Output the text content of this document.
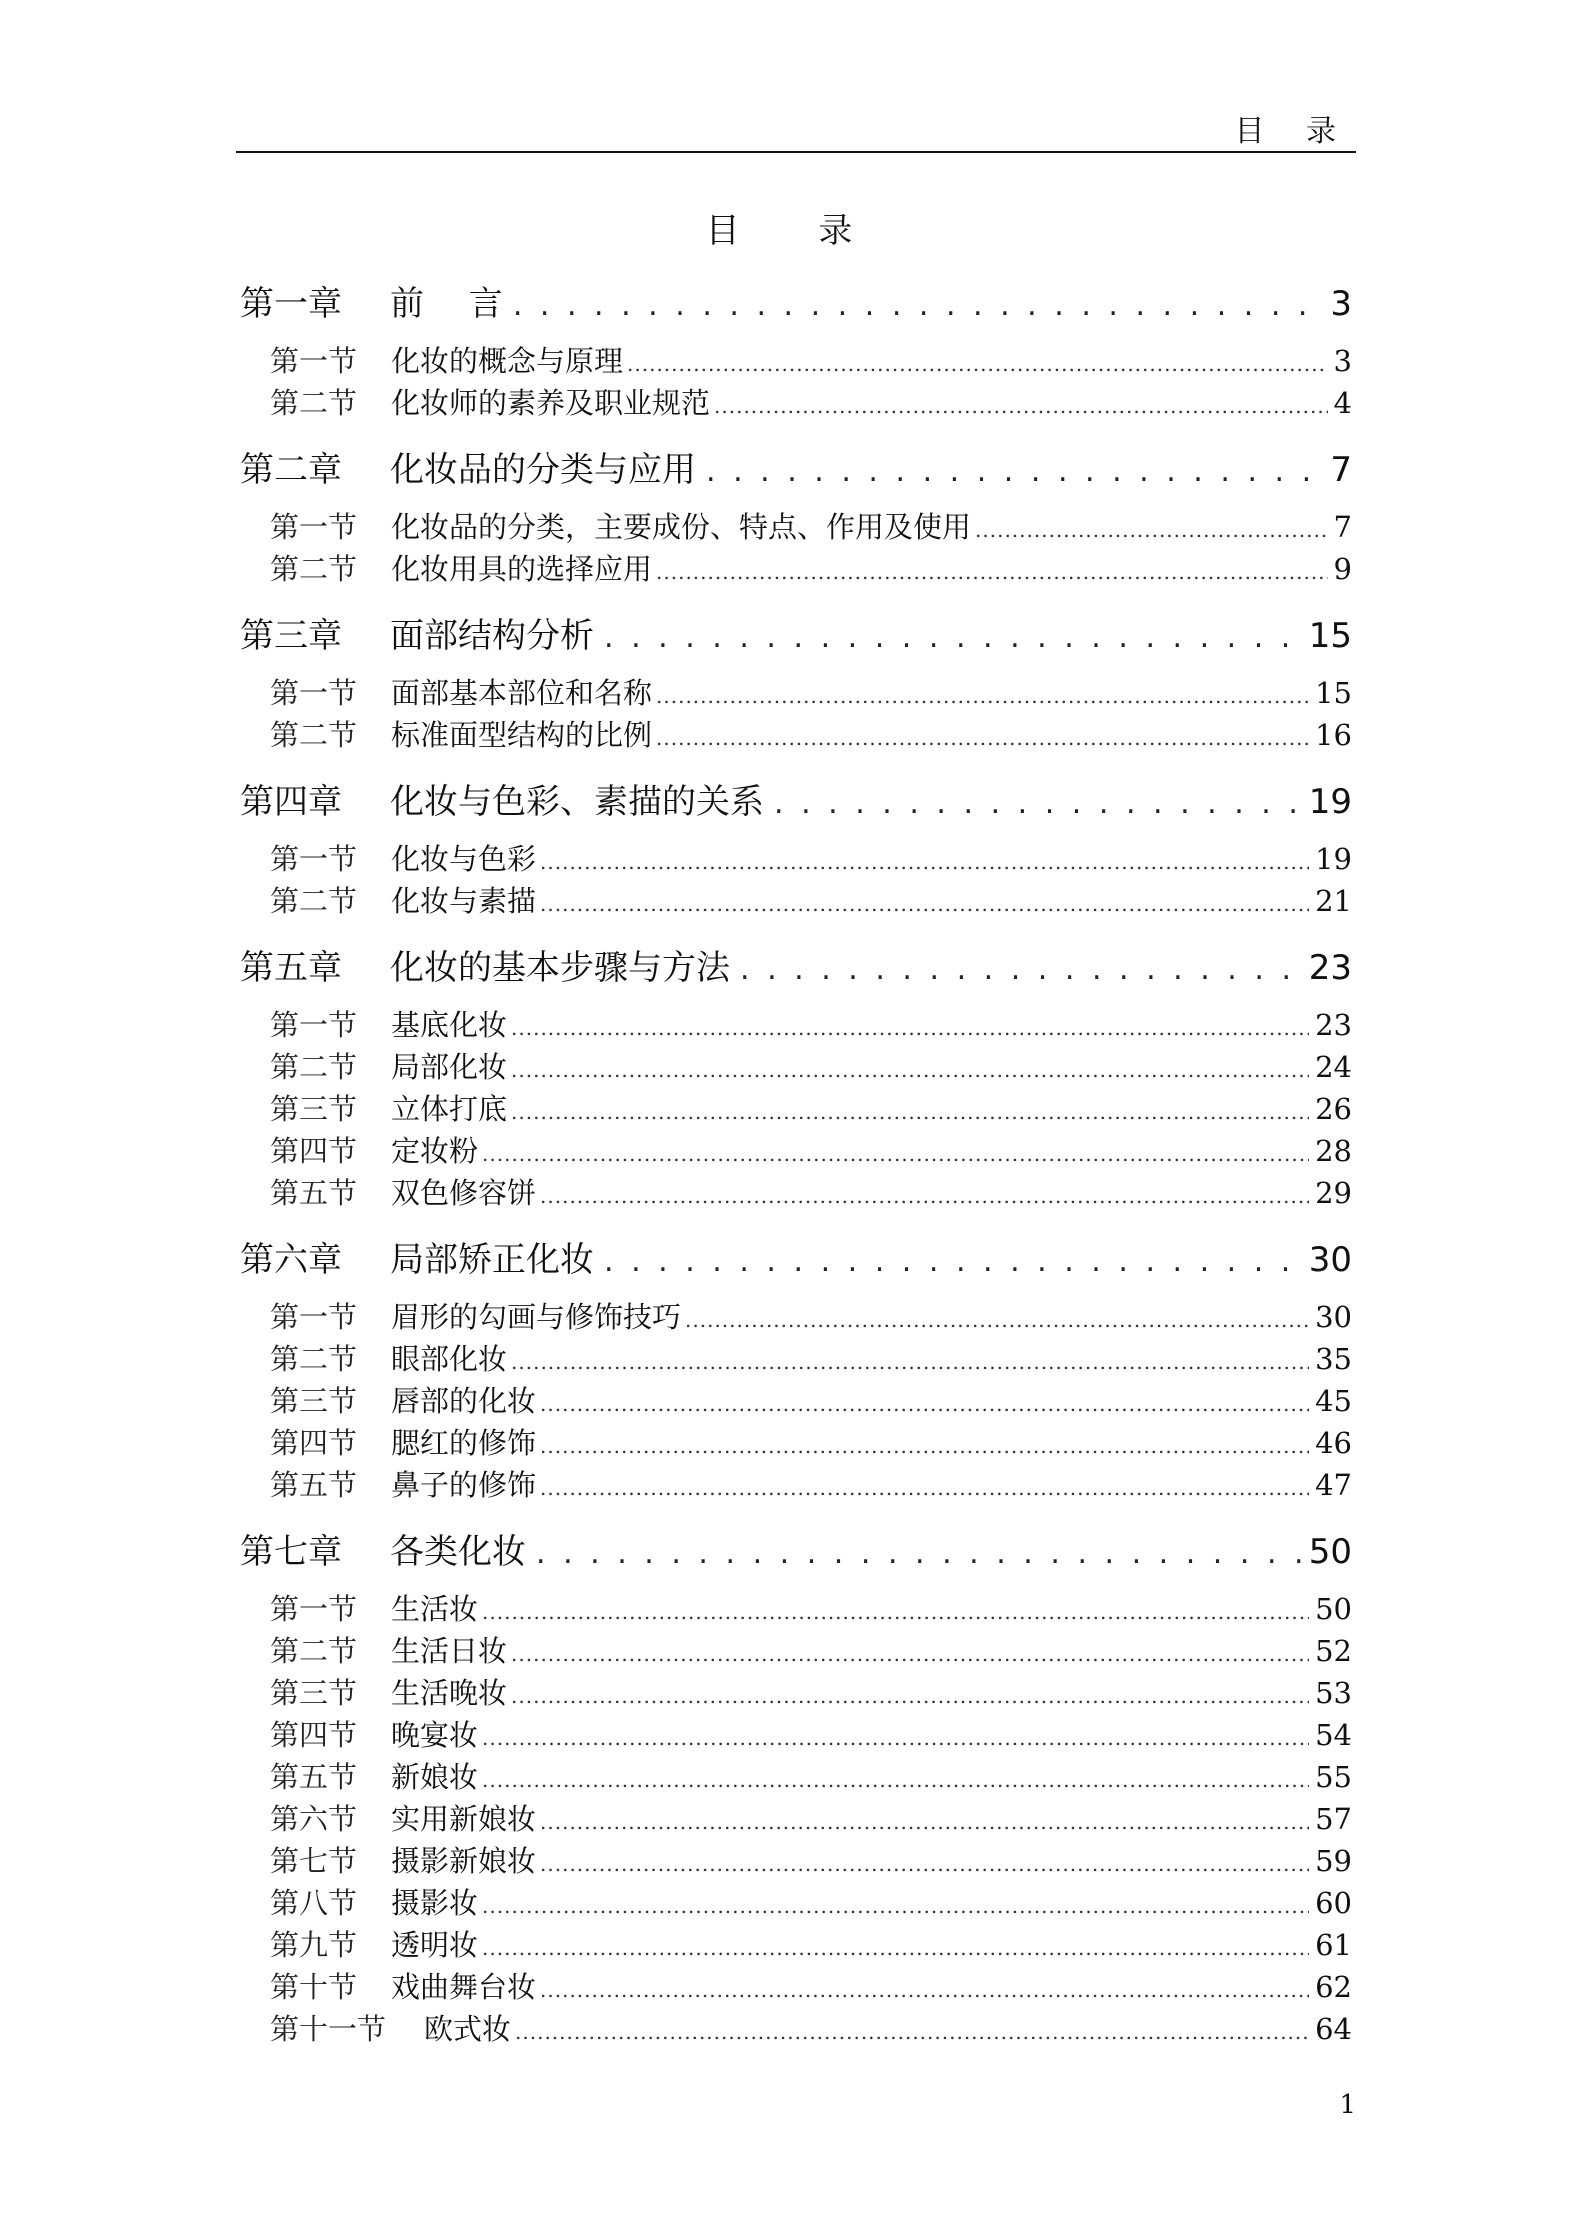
目 录
目 录
第一章	前　 言 . . .	3
第一节	化妆的概念与原理 .....	3
第二节	化妆师的素养及职业规范 .....	4
第二章	化妆品的分类与应用 . . .	7
第一节	化妆品的分类，主要成份、特点、作用及使用 .....	7
第二节	化妆用具的选择应用 .....	9
第三章	面部结构分析 . . .	15
第一节	面部基本部位和名称 .....	15
第二节	标准面型结构的比例 .....	16
第四章	化妆与色彩、素描的关系 . . .	19
第一节	化妆与色彩 .....	19
第二节	化妆与素描 .....	21
第五章	化妆的基本步骤与方法 . . .	23
第一节	基底化妆 .....	23
第二节	局部化妆 .....	24
第三节	立体打底 .....	26
第四节	定妆粉 .....	28
第五节	双色修容饼 .....	29
第六章	局部矫正化妆 . . .	30
第一节	眉形的勾画与修饰技巧 .....	30
第二节	眼部化妆 .....	35
第三节	唇部的化妆 .....	45
第四节	腮红的修饰 .....	46
第五节	鼻子的修饰 .....	47
第七章	各类化妆 . . .	50
第一节	生活妆 .....	50
第二节	生活日妆 .....	52
第三节	生活晚妆 .....	53
第四节	晚宴妆 .....	54
第五节	新娘妆 .....	55
第六节	实用新娘妆 .....	57
第七节	摄影新娘妆 .....	59
第八节	摄影妆 .....	60
第九节	透明妆 .....	61
第十节	戏曲舞台妆 .....	62
第十一节	欧式妆 .....	64
1
